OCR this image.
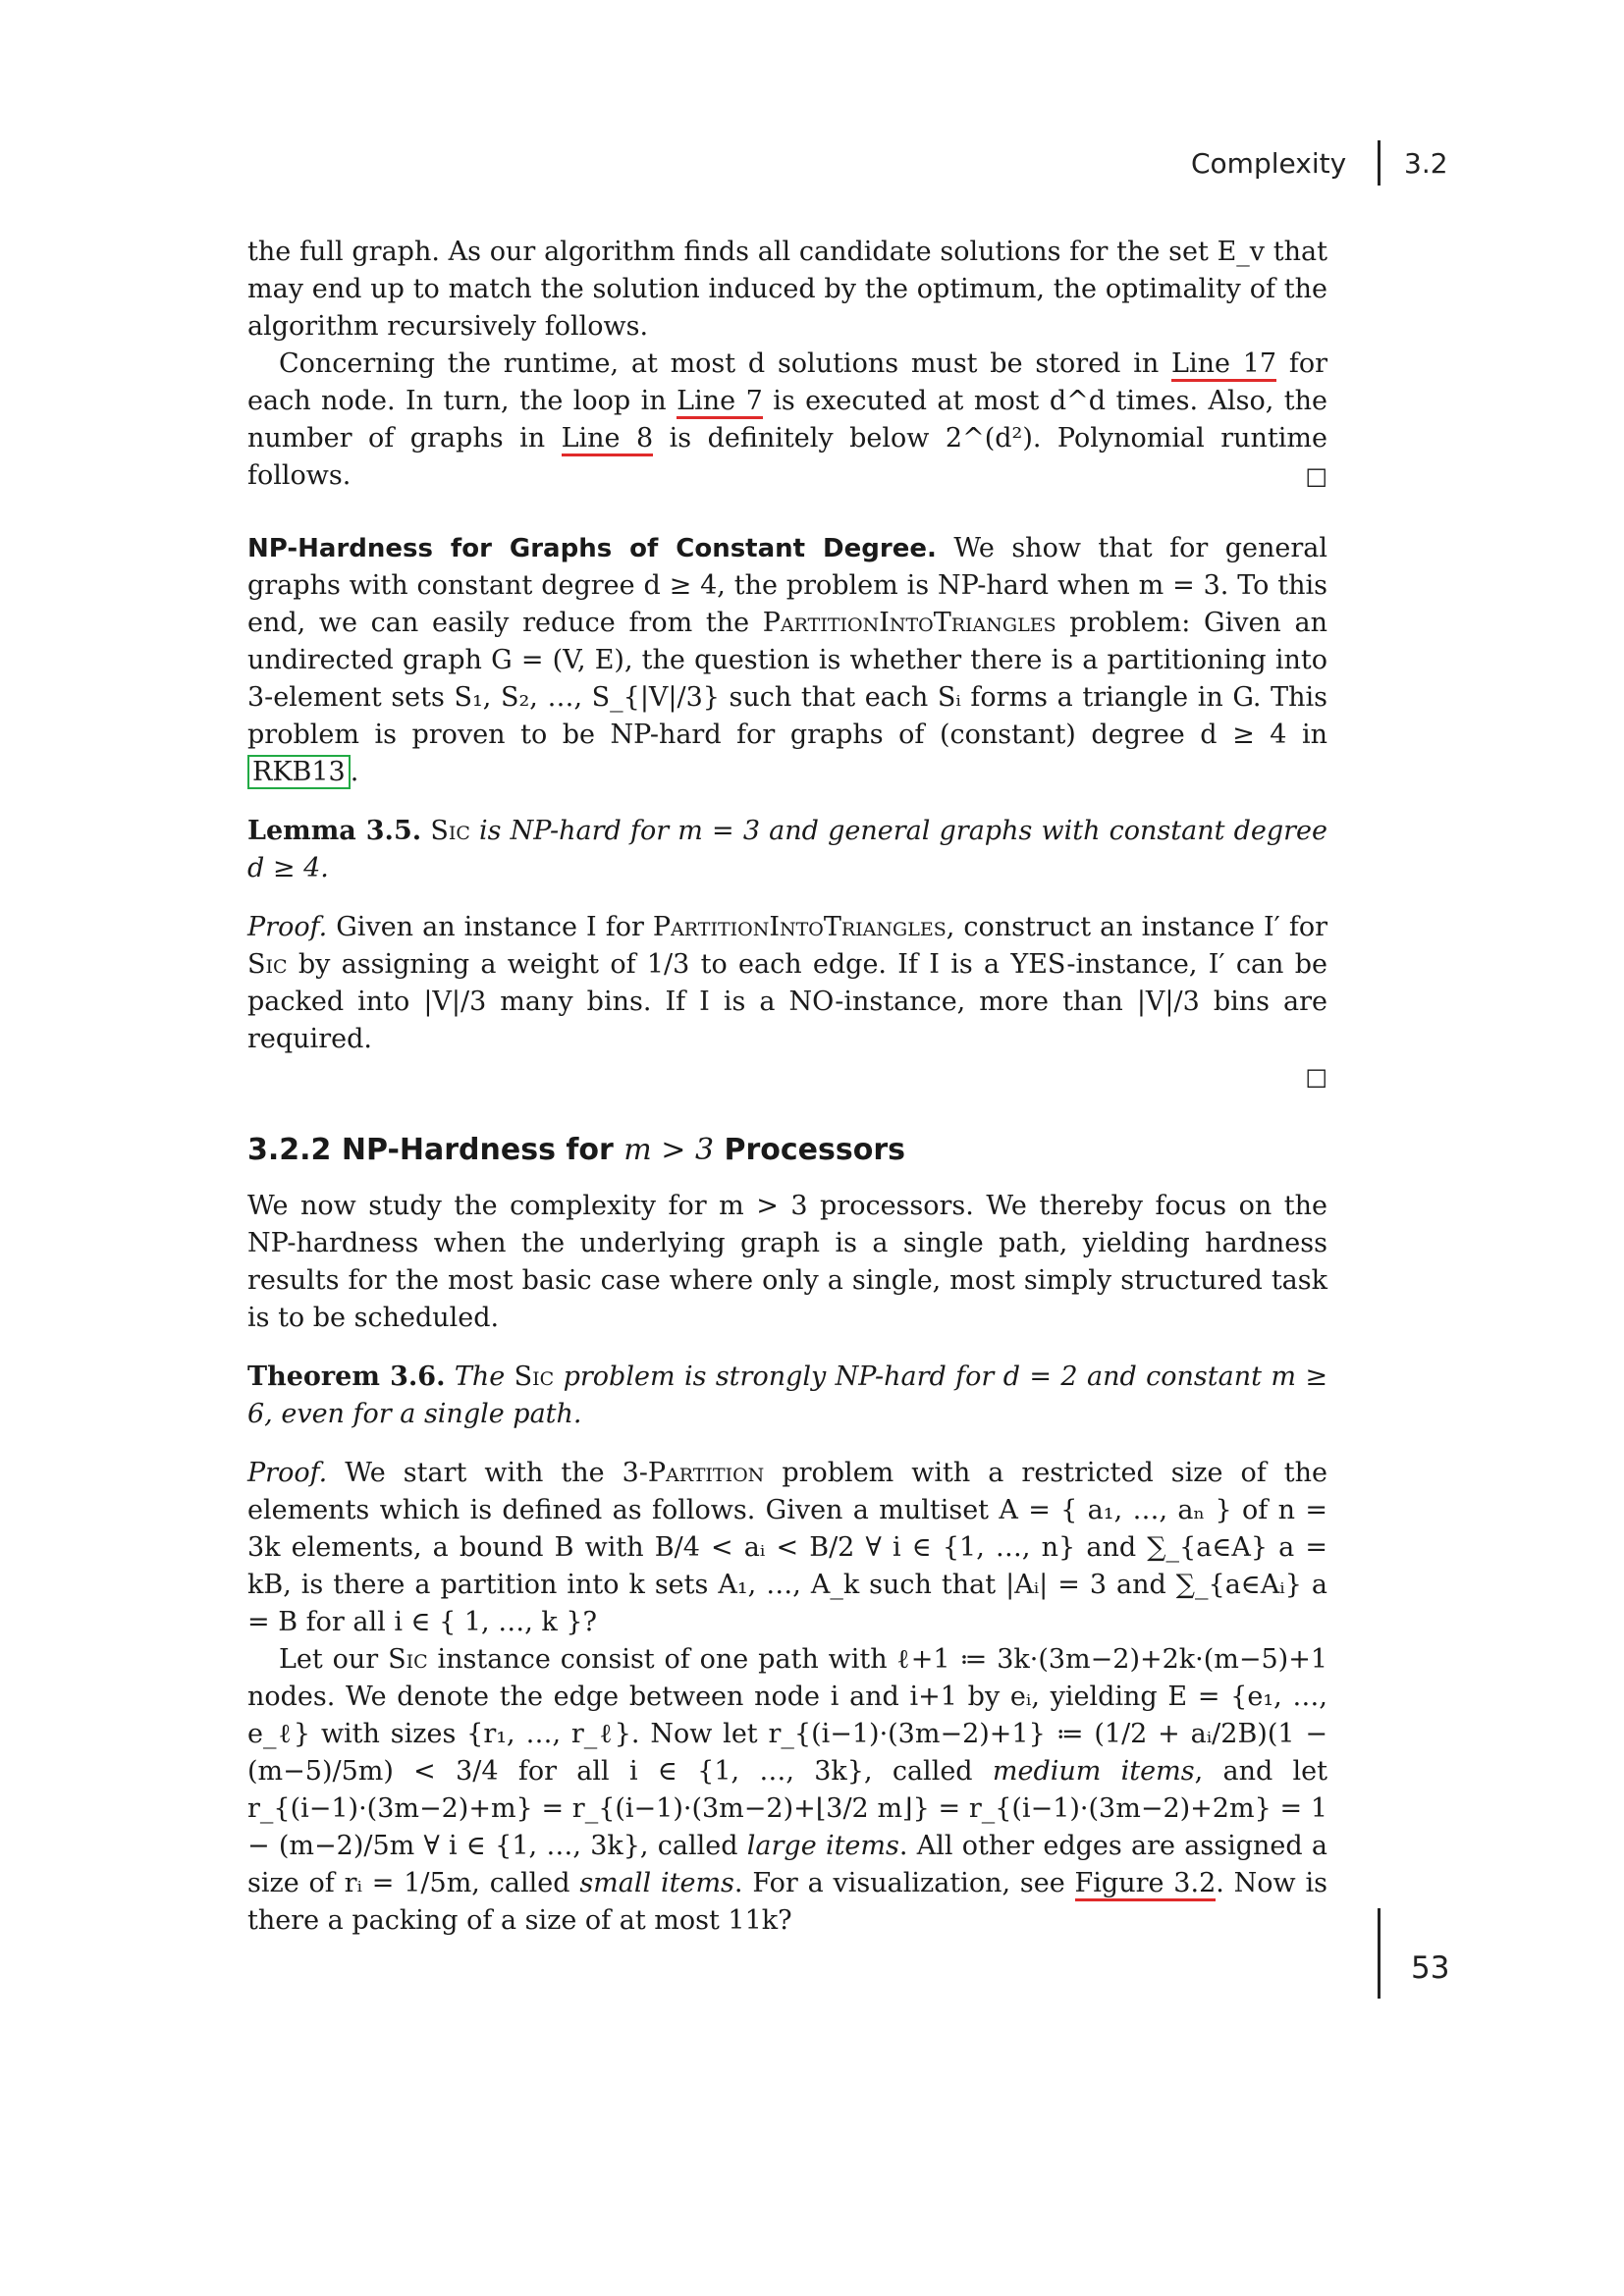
Complexity 3.2

the full graph. As our algorithm finds all candidate solutions for the set E_v that may end up to match the solution induced by the optimum, the optimality of the algorithm recursively follows.

Concerning the runtime, at most d solutions must be stored in Line 17 for each node. In turn, the loop in Line 7 is executed at most d^d times. Also, the number of graphs in Line 8 is definitely below 2^(d²). Polynomial runtime follows.	□

NP-Hardness for Graphs of Constant Degree. We show that for general graphs with constant degree d ≥ 4, the problem is NP-hard when m = 3. To this end, we can easily reduce from the PartitionIntoTriangles problem: Given an undirected graph G = (V, E), the question is whether there is a partitioning into 3-element sets S₁, S₂, …, S_{|V|/3} such that each Sᵢ forms a triangle in G. This problem is proven to be NP-hard for graphs of (constant) degree d ≥ 4 in RKB13 .

Lemma 3.5. Sic is NP-hard for m = 3 and general graphs with constant degree d ≥ 4.

Proof. Given an instance I for PartitionIntoTriangles, construct an instance I′ for Sic by assigning a weight of 1/3 to each edge. If I is a YES-instance, I′ can be packed into |V|/3 many bins. If I is a NO-instance, more than |V|/3 bins are required.

□
3.2.2 NP-Hardness for m > 3 Processors

We now study the complexity for m > 3 processors. We thereby focus on the NP-hardness when the underlying graph is a single path, yielding hardness results for the most basic case where only a single, most simply structured task is to be scheduled.

Theorem 3.6. The Sic problem is strongly NP-hard for d = 2 and constant m ≥ 6, even for a single path.

Proof. We start with the 3-Partition problem with a restricted size of the elements which is defined as follows. Given a multiset A = { a₁, …, aₙ } of n = 3k elements, a bound B with B/4 < aᵢ < B/2 ∀ i ∈ {1, …, n} and ∑_{a∈A} a = kB, is there a partition into k sets A₁, …, A_k such that |Aᵢ| = 3 and ∑_{a∈Aᵢ} a = B for all i ∈ { 1, …, k }?

Let our Sic instance consist of one path with ℓ+1 ≔ 3k·(3m−2)+2k·(m−5)+1 nodes. We denote the edge between node i and i+1 by eᵢ, yielding E = {e₁, …, e_ℓ} with sizes {r₁, …, r_ℓ}. Now let r_{(i−1)·(3m−2)+1} ≔ (1/2 + aᵢ/2B)(1 − (m−5)/5m) < 3/4 for all i ∈ {1, …, 3k}, called medium items, and let r_{(i−1)·(3m−2)+m} = r_{(i−1)·(3m−2)+⌊3/2 m⌋} = r_{(i−1)·(3m−2)+2m} = 1 − (m−2)/5m ∀ i ∈ {1, …, 3k}, called large items. All other edges are assigned a size of rᵢ = 1/5m, called small items. For a visualization, see Figure 3.2. Now is there a packing of a size of at most 11k?

53
